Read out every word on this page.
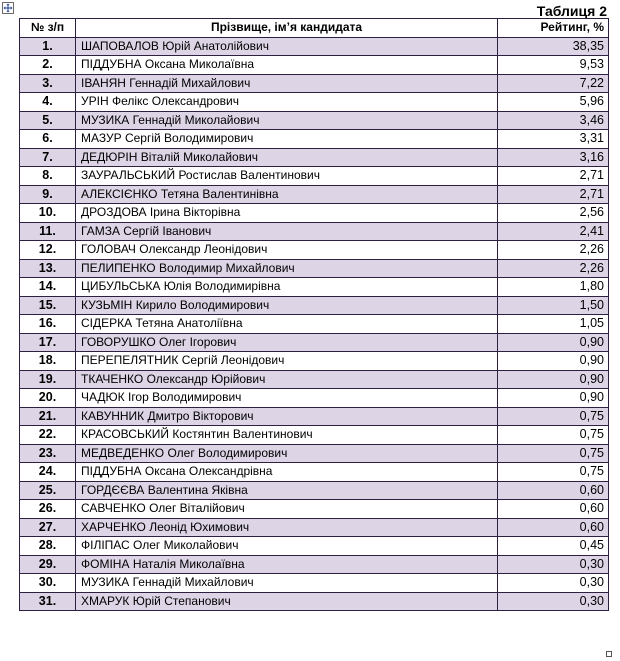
Таблиця 2
№ з/п	Прізвище, ім’я кандидата	Рейтинг, %
1.	ШАПОВАЛОВ Юрій Анатолійович	38,35
2.	ПІДДУБНА Оксана Миколаївна	9,53
3.	ІВАНЯН Геннадій Михайлович	7,22
4.	УРІН Фелікс Олександрович	5,96
5.	МУЗИКА Геннадій Миколайович	3,46
6.	МАЗУР Сергій Володимирович	3,31
7.	ДЕДЮРІН Віталій Миколайович	3,16
8.	ЗАУРАЛЬСЬКИЙ Ростислав Валентинович	2,71
9.	АЛЕКСІЄНКО Тетяна Валентинівна	2,71
10.	ДРОЗДОВА Ірина Вікторівна	2,56
11.	ГАМЗА Сергій Іванович	2,41
12.	ГОЛОВАЧ Олександр Леонідович	2,26
13.	ПЕЛИПЕНКО Володимир Михайлович	2,26
14.	ЦИБУЛЬСЬКА Юлія Володимирівна	1,80
15.	КУЗЬМІН Кирило Володимирович	1,50
16.	СІДЕРКА Тетяна Анатоліївна	1,05
17.	ГОВОРУШКО Олег Ігорович	0,90
18.	ПЕРЕПЕЛЯТНИК Сергій Леонідович	0,90
19.	ТКАЧЕНКО Олександр Юрійович	0,90
20.	ЧАДЮК Ігор Володимирович	0,90
21.	КАВУННИК Дмитро Вікторович	0,75
22.	КРАСОВСЬКИЙ Костянтин Валентинович	0,75
23.	МЕДВЕДЕНКО Олег Володимирович	0,75
24.	ПІДДУБНА Оксана Олександрівна	0,75
25.	ГОРДЄЄВА Валентина Яківна	0,60
26.	САВЧЕНКО Олег Віталійович	0,60
27.	ХАРЧЕНКО Леонід Юхимович	0,60
28.	ФІЛІПАС Олег Миколайович	0,45
29.	ФОМІНА Наталія Миколаївна	0,30
30.	МУЗИКА Геннадій Михайлович	0,30
31.	ХМАРУК Юрій Степанович	0,30
